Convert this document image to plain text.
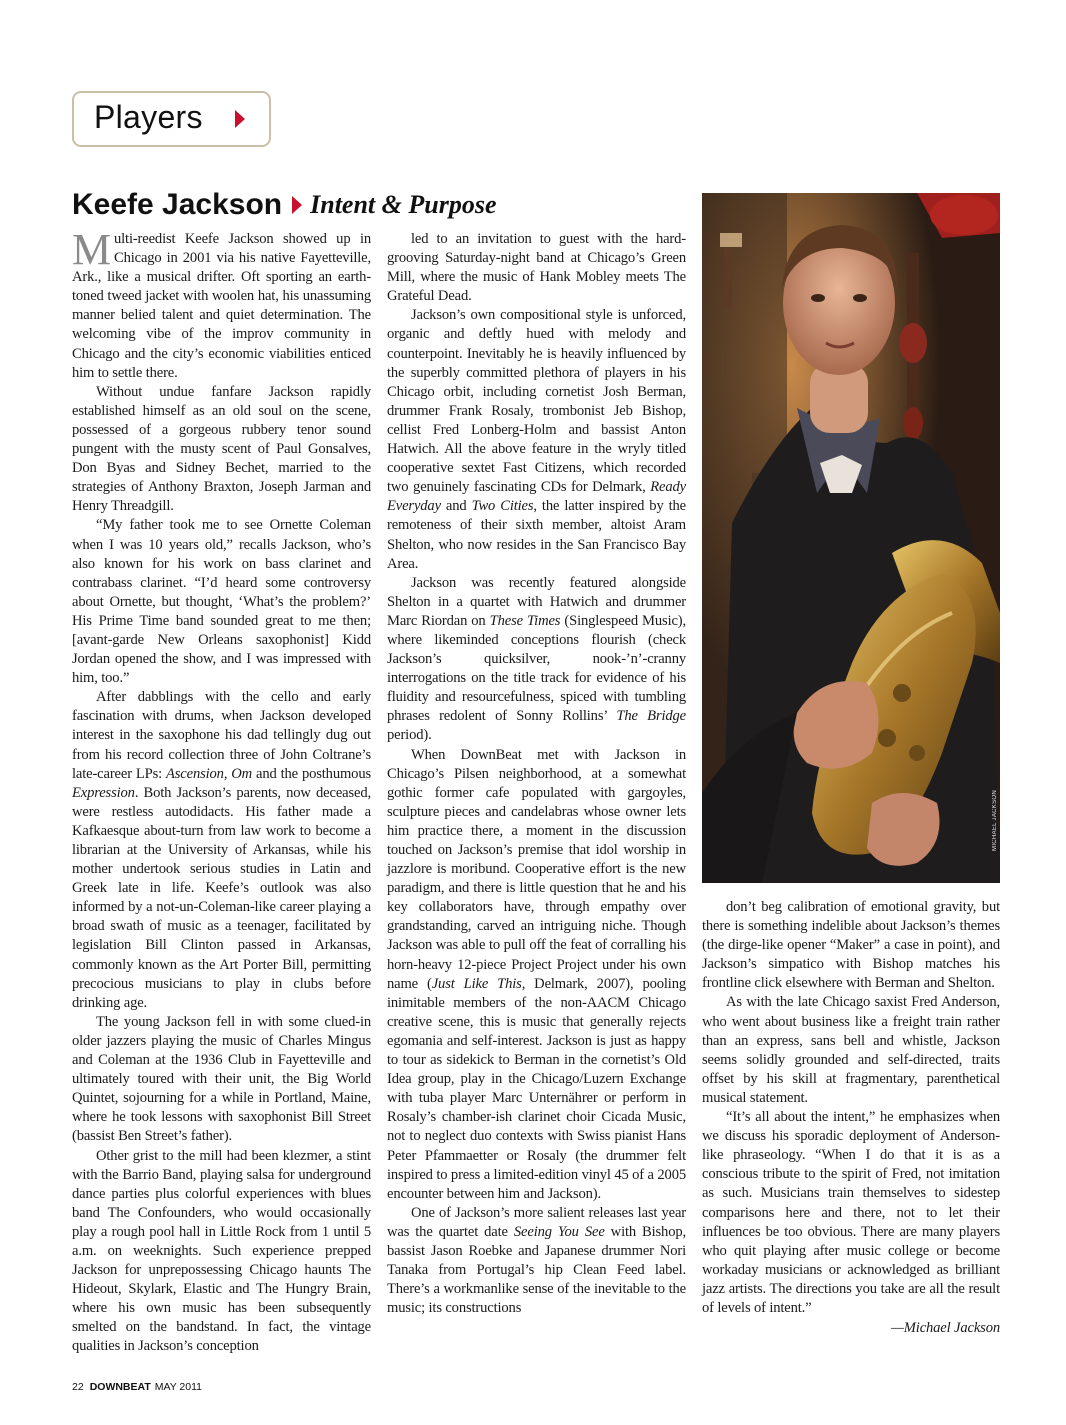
Players
Keefe Jackson Intent & Purpose

Multi-reedist Keefe Jackson showed up in Chicago in 2001 via his native Fayetteville, Ark., like a musical drifter. Oft sporting an earth-toned tweed jacket with woolen hat, his unassuming manner belied talent and quiet determination. The welcoming vibe of the improv community in Chicago and the city’s economic viabilities enticed him to settle there.

Without undue fanfare Jackson rapidly established himself as an old soul on the scene, possessed of a gorgeous rubbery tenor sound pungent with the musty scent of Paul Gonsalves, Don Byas and Sidney Bechet, married to the strategies of Anthony Braxton, Joseph Jarman and Henry Threadgill.

“My father took me to see Ornette Coleman when I was 10 years old,” recalls Jackson, who’s also known for his work on bass clarinet and contrabass clarinet. “I’d heard some controversy about Ornette, but thought, ‘What’s the problem?’ His Prime Time band sounded great to me then; [avant-garde New Orleans saxophonist] Kidd Jordan opened the show, and I was impressed with him, too.”

After dabblings with the cello and early fascination with drums, when Jackson developed interest in the saxophone his dad tellingly dug out from his record collection three of John Coltrane’s late-career LPs: Ascension, Om and the posthumous Expression. Both Jackson’s parents, now deceased, were restless autodidacts. His father made a Kafkaesque about-turn from law work to become a librarian at the University of Arkansas, while his mother undertook serious studies in Latin and Greek late in life. Keefe’s outlook was also informed by a not-un-Coleman-like career playing a broad swath of music as a teenager, facilitated by legislation Bill Clinton passed in Arkansas, commonly known as the Art Porter Bill, permitting precocious musicians to play in clubs before drinking age.

The young Jackson fell in with some clued-in older jazzers playing the music of Charles Mingus and Coleman at the 1936 Club in Fayetteville and ultimately toured with their unit, the Big World Quintet, sojourning for a while in Portland, Maine, where he took lessons with saxophonist Bill Street (bassist Ben Street’s father).

Other grist to the mill had been klezmer, a stint with the Barrio Band, playing salsa for underground dance parties plus colorful experiences with blues band The Confounders, who would occasionally play a rough pool hall in Little Rock from 1 until 5 a.m. on weeknights. Such experience prepped Jackson for unprepossessing Chicago haunts The Hideout, Skylark, Elastic and The Hungry Brain, where his own music has been subsequently smelted on the bandstand. In fact, the vintage qualities in Jackson’s conception

led to an invitation to guest with the hard-grooving Saturday-night band at Chicago’s Green Mill, where the music of Hank Mobley meets The Grateful Dead.

Jackson’s own compositional style is unforced, organic and deftly hued with melody and counterpoint. Inevitably he is heavily influenced by the superbly committed plethora of players in his Chicago orbit, including cornetist Josh Berman, drummer Frank Rosaly, trombonist Jeb Bishop, cellist Fred Lonberg-Holm and bassist Anton Hatwich. All the above feature in the wryly titled cooperative sextet Fast Citizens, which recorded two genuinely fascinating CDs for Delmark, Ready Everyday and Two Cities, the latter inspired by the remoteness of their sixth member, altoist Aram Shelton, who now resides in the San Francisco Bay Area.

Jackson was recently featured alongside Shelton in a quartet with Hatwich and drummer Marc Riordan on These Times (Singlespeed Music), where likeminded conceptions flourish (check Jackson’s quicksilver, nook-’n’-cranny interrogations on the title track for evidence of his fluidity and resourcefulness, spiced with tumbling phrases redolent of Sonny Rollins’ The Bridge period).

When DownBeat met with Jackson in Chicago’s Pilsen neighborhood, at a somewhat gothic former cafe populated with gargoyles, sculpture pieces and candelabras whose owner lets him practice there, a moment in the discussion touched on Jackson’s premise that idol worship in jazzlore is moribund. Cooperative effort is the new paradigm, and there is little question that he and his key collaborators have, through empathy over grandstanding, carved an intriguing niche. Though Jackson was able to pull off the feat of corralling his horn-heavy 12-piece Project Project under his own name (Just Like This, Delmark, 2007), pooling inimitable members of the non-AACM Chicago creative scene, this is music that generally rejects egomania and self-interest. Jackson is just as happy to tour as sidekick to Berman in the cornetist’s Old Idea group, play in the Chicago/Luzern Exchange with tuba player Marc Unternährer or perform in Rosaly’s chamber-ish clarinet choir Cicada Music, not to neglect duo contexts with Swiss pianist Hans Peter Pfammaetter or Rosaly (the drummer felt inspired to press a limited-edition vinyl 45 of a 2005 encounter between him and Jackson).

One of Jackson’s more salient releases last year was the quartet date Seeing You See with Bishop, bassist Jason Roebke and Japanese drummer Nori Tanaka from Portugal’s hip Clean Feed label. There’s a workmanlike sense of the inevitable to the music; its constructions

MICHAEL JACKSON

don’t beg calibration of emotional gravity, but there is something indelible about Jackson’s themes (the dirge-like opener “Maker” a case in point), and Jackson’s simpatico with Bishop matches his frontline click elsewhere with Berman and Shelton.

As with the late Chicago saxist Fred Anderson, who went about business like a freight train rather than an express, sans bell and whistle, Jackson seems solidly grounded and self-directed, traits offset by his skill at fragmentary, parenthetical musical statement.

“It’s all about the intent,” he emphasizes when we discuss his sporadic deployment of Anderson-like phraseology. “When I do that it is as a conscious tribute to the spirit of Fred, not imitation as such. Musicians train themselves to sidestep comparisons here and there, not to let their influences be too obvious. There are many players who quit playing after music college or become workaday musicians or acknowledged as brilliant jazz artists. The directions you take are all the result of levels of intent.”

—Michael Jackson

22 DOWNBEAT MAY 2011
